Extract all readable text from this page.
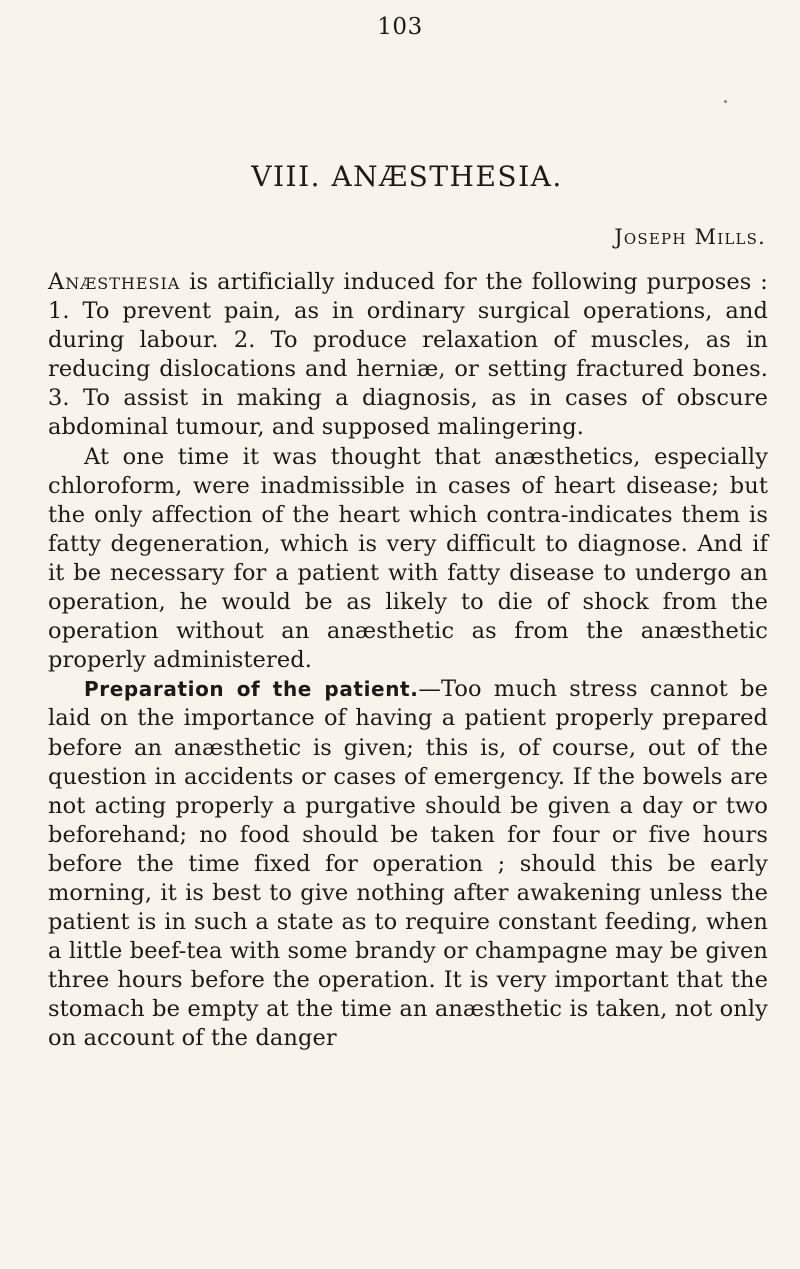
103
VIII. ANÆSTHESIA.
Joseph Mills.

Anæsthesia is artificially induced for the following purposes : 1. To prevent pain, as in ordinary surgical operations, and during labour. 2. To produce relaxation of muscles, as in reducing dislocations and herniæ, or setting fractured bones. 3. To assist in making a diagnosis, as in cases of obscure abdominal tumour, and supposed malingering.

At one time it was thought that anæsthetics, especially chloroform, were inadmissible in cases of heart disease; but the only affection of the heart which contra-indicates them is fatty degeneration, which is very difficult to diagnose. And if it be necessary for a patient with fatty disease to undergo an operation, he would be as likely to die of shock from the operation without an anæsthetic as from the anæsthetic properly administered.

Preparation of the patient.—Too much stress cannot be laid on the importance of having a patient properly prepared before an anæsthetic is given; this is, of course, out of the question in accidents or cases of emergency. If the bowels are not acting properly a purgative should be given a day or two beforehand; no food should be taken for four or five hours before the time fixed for operation ; should this be early morning, it is best to give nothing after awakening unless the patient is in such a state as to require constant feeding, when a little beef-tea with some brandy or champagne may be given three hours before the operation. It is very important that the stomach be empty at the time an anæsthetic is taken, not only on account of the danger
